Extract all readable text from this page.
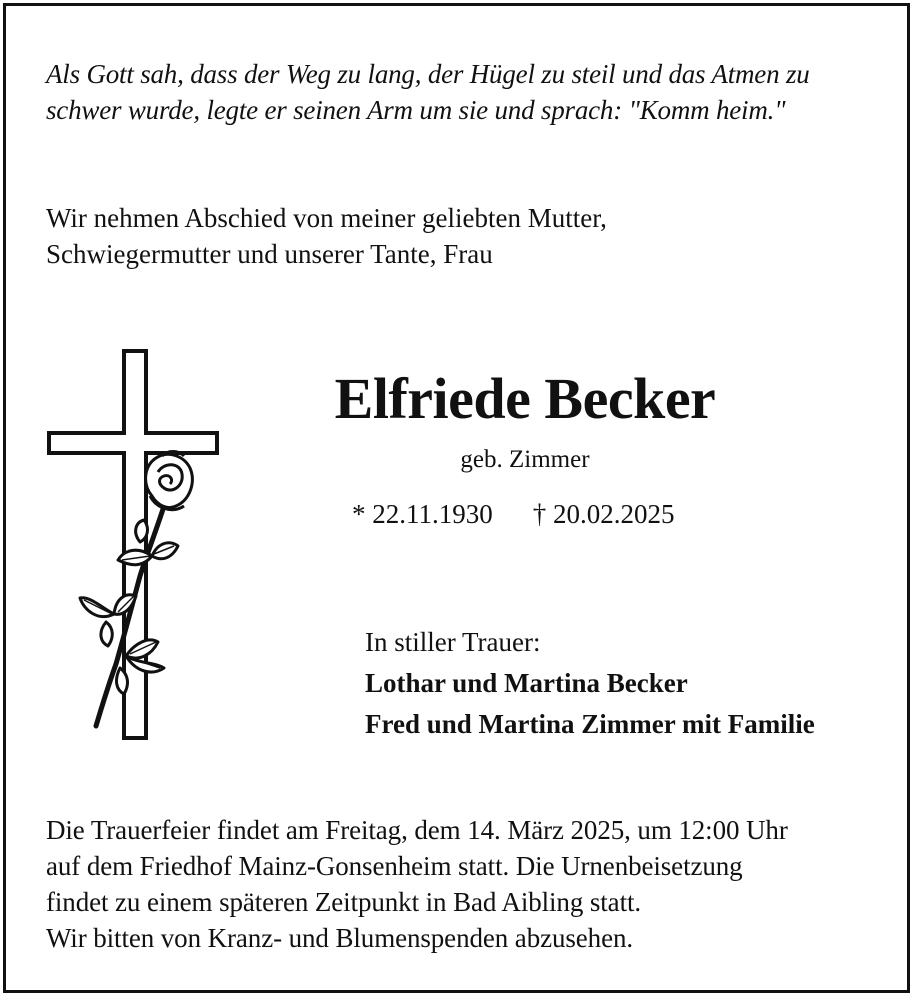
Als Gott sah, dass der Weg zu lang, der Hügel zu steil und das Atmen zu
schwer wurde, legte er seinen Arm um sie und sprach: "Komm heim."
Wir nehmen Abschied von meiner geliebten Mutter,
Schwiegermutter und unserer Tante, Frau
Elfriede Becker
geb. Zimmer
* 22.11.1930 † 20.02.2025
In stiller Trauer:
Lothar und Martina Becker
Fred und Martina Zimmer mit Familie
Die Trauerfeier findet am Freitag, dem 14. März 2025, um 12:00 Uhr
auf dem Friedhof Mainz-Gonsenheim statt. Die Urnenbeisetzung
findet zu einem späteren Zeitpunkt in Bad Aibling statt.
Wir bitten von Kranz- und Blumenspenden abzusehen.
